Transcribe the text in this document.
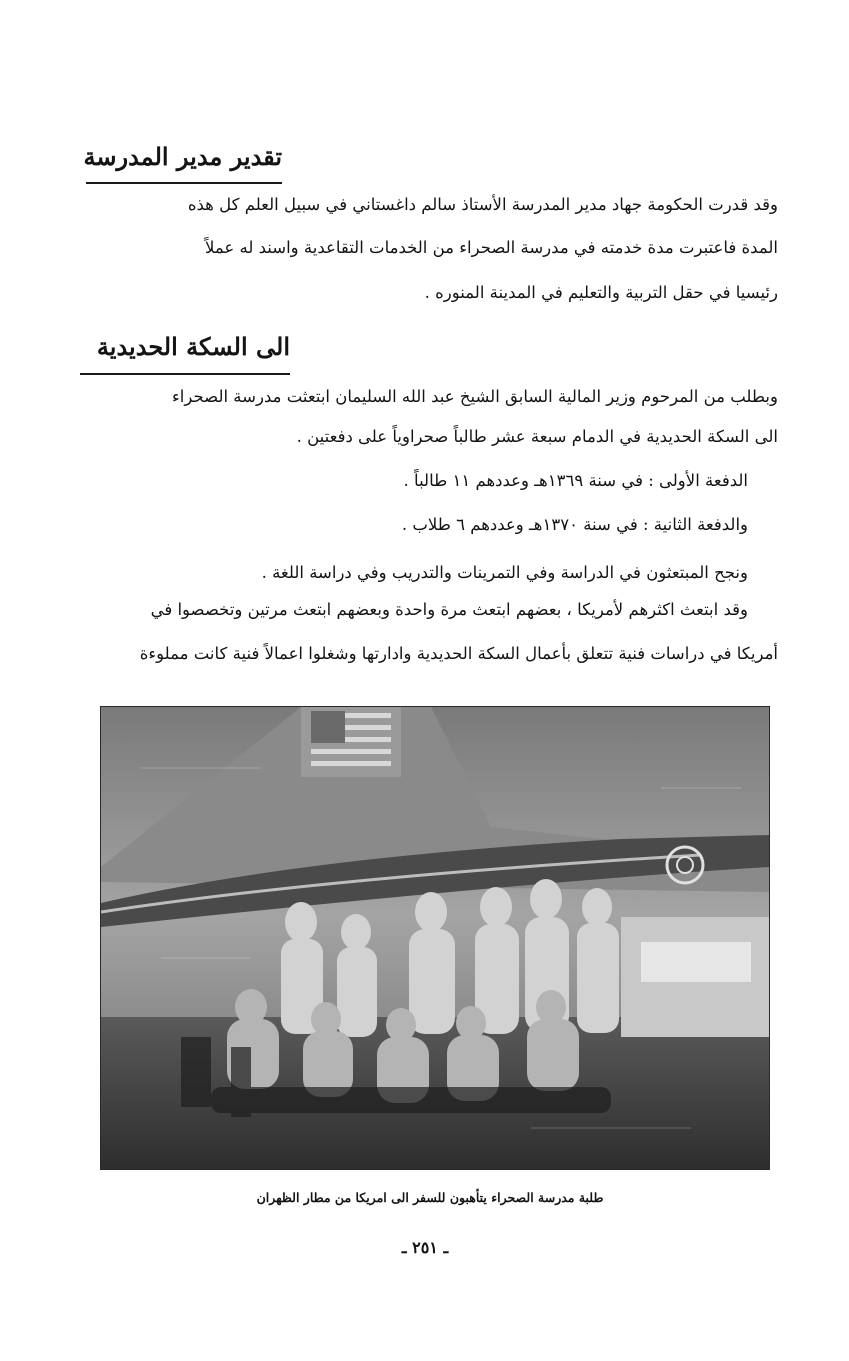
تقدير مدير المدرسة
وقد قدرت الحكومة جهاد مدير المدرسة الأستاذ سالم داغستاني في سبيل العلم كل هذه
المدة فاعتبرت مدة خدمته في مدرسة الصحراء من الخدمات التقاعدية واسند له عملاً
رئيسيا في حقل التربية والتعليم في المدينة المنوره .
الى السكة الحديدية
وبطلب من المرحوم وزير المالية السابق الشيخ عبد الله السليمان ابتعثت مدرسة الصحراء
الى السكة الحديدية في الدمام سبعة عشر طالباً صحراوياً على دفعتين .
الدفعة الأولى : في سنة ١٣٦٩هـ وعددهم ١١ طالباً .
والدفعة الثانية : في سنة ١٣٧٠هـ وعددهم ٦ طلاب .
ونجح المبتعثون في الدراسة وفي التمرينات والتدريب وفي دراسة اللغة .
وقد ابتعث اكثرهم لأمريكا ، بعضهم ابتعث مرة واحدة وبعضهم ابتعث مرتين وتخصصوا في
أمريكا في دراسات فنية تتعلق بأعمال السكة الحديدية وادارتها وشغلوا اعمالاً فنية كانت مملوءة
طلبة مدرسة الصحراء يتأهبون للسفر الى امريكا من مطار الظهران
ـ ٢٥١ ـ
